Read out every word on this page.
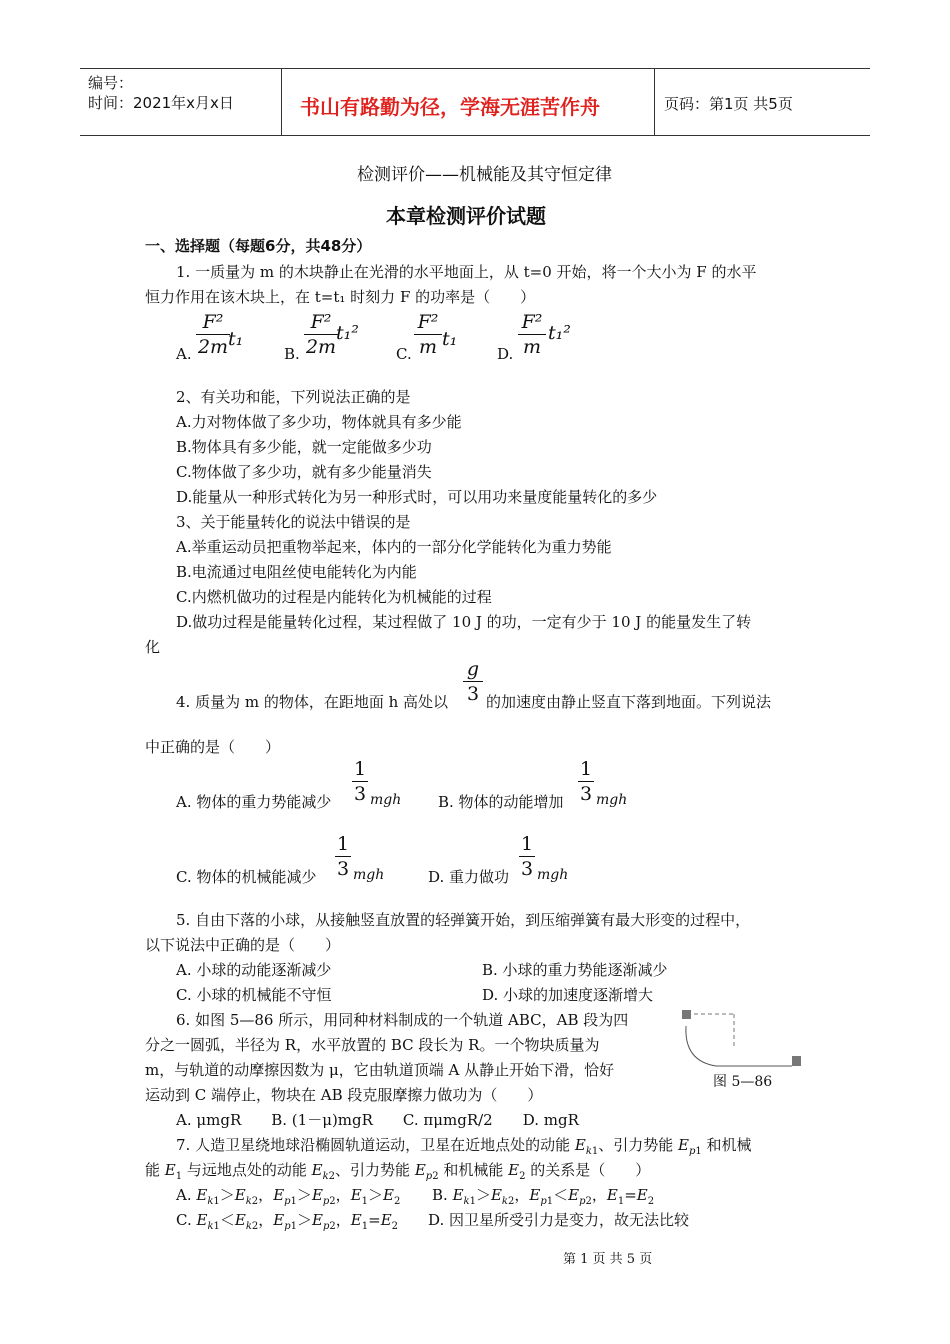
编号：
时间：2021年x月x日	书山有路勤为径，学海无涯苦作舟	页码：第1页 共5页
检测评价——机械能及其守恒定律
本章检测评价试题
一、选择题（每题6分，共48分）
1. 一质量为 m 的木块静止在光滑的水平地面上，从 t=0 开始，将一个大小为 F 的水平
恒力作用在该木块上，在 t=t₁ 时刻力 F 的功率是（　　）
A.
F²
2m t₁
B.
F²
2m
t₁²
C.
F²
m t₁
D.
F²
m
t₁²
2、有关功和能，下列说法正确的是
A.力对物体做了多少功，物体就具有多少能
B.物体具有多少能，就一定能做多少功
C.物体做了多少功，就有多少能量消失
D.能量从一种形式转化为另一种形式时，可以用功来量度能量转化的多少
3、关于能量转化的说法中错误的是
A.举重运动员把重物举起来，体内的一部分化学能转化为重力势能
B.电流通过电阻丝使电能转化为内能
C.内燃机做功的过程是内能转化为机械能的过程
D.做功过程是能量转化过程，某过程做了 10 J 的功，一定有少于 10 J 的能量发生了转
化
4. 质量为 m 的物体，在距地面 h 高处以
g
3 的加速度由静止竖直下落到地面。下列说法
中正确的是（　　）
A. 物体的重力势能减少
1
3 mgh B. 物体的动能增加
1
3 mgh
C. 物体的机械能减少
1
3 mgh	D. 重力做功
1
3 mgh
5. 自由下落的小球，从接触竖直放置的轻弹簧开始，到压缩弹簧有最大形变的过程中，
以下说法中正确的是（　　）
A. 小球的动能逐渐减少	B. 小球的重力势能逐渐减少
C. 小球的机械能不守恒	D. 小球的加速度逐渐增大
6. 如图 5—86 所示，用同种材料制成的一个轨道 ABC，AB 段为四
分之一圆弧，半径为 R，水平放置的 BC 段长为 R。一个物块质量为
m，与轨道的动摩擦因数为 μ，它由轨道顶端 A 从静止开始下滑，恰好
运动到 C 端停止，物块在 AB 段克服摩擦力做功为（　　）
A. μmgR　　B. (1－μ)mgR　　C. πμmgR/2　　D. mgR
图 5—86
7. 人造卫星绕地球沿椭圆轨道运动，卫星在近地点处的动能 $E_{k1}$、引力势能 $E_{p1}$ 和机械
能 $E_1$ 与远地点处的动能 $E_{k2}$、引力势能 $E_{p2}$ 和机械能 $E_2$ 的关系是（　　）
A. $E_{k1}>E_{k2}$，$E_{p1}>E_{p2}$，$E_1>E_2$ B. $E_{k1}>E_{k2}$，$E_{p1}<E_{p2}$，$E_1=E_2$
C. $E_{k1}<E_{k2}$，$E_{p1}>E_{p2}$，$E_1=E_2$ D. 因卫星所受引力是变力，故无法比较
第 1 页 共 5 页
